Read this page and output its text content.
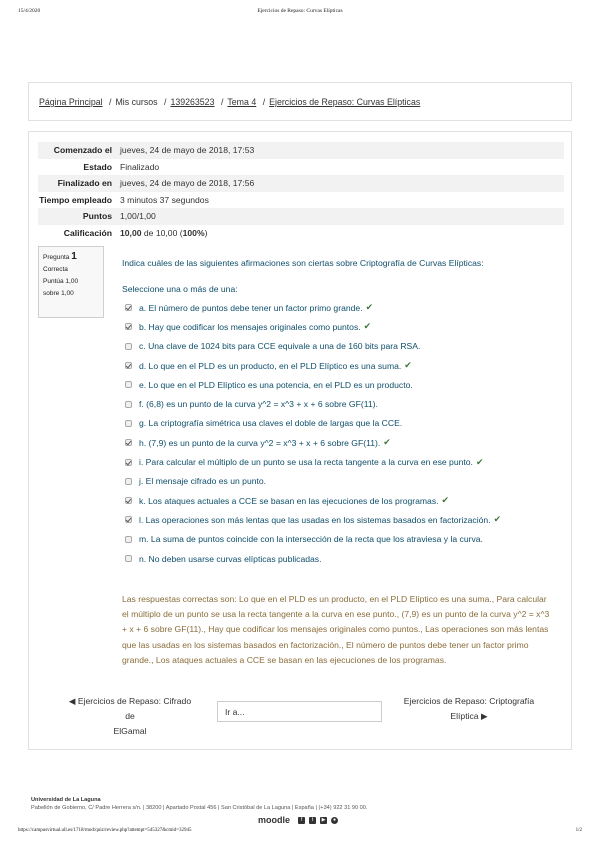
15/4/2020	Ejercicios de Repaso: Curvas Elípticas
Página Principal / Mis cursos / 139263523 / Tema 4 / Ejercicios de Repaso: Curvas Elípticas
Comenzado el	jueves, 24 de mayo de 2018, 17:53
Estado	Finalizado
Finalizado en	jueves, 24 de mayo de 2018, 17:56
Tiempo empleado	3 minutos 37 segundos
Puntos	1,00/1,00
Calificación	10,00 de 10,00 (100%)
Pregunta 1
Correcta
Puntúa 1,00
sobre 1,00
Indica cuáles de las siguientes afirmaciones son ciertas sobre Criptografía de Curvas Elípticas:
Seleccione una o más de una:
a. El número de puntos debe tener un factor primo grande. ✔
b. Hay que codificar los mensajes originales como puntos. ✔
c. Una clave de 1024 bits para CCE equivale a una de 160 bits para RSA.
d. Lo que en el PLD es un producto, en el PLD Elíptico es una suma. ✔
e. Lo que en el PLD Elíptico es una potencia, en el PLD es un producto.
f. (6,8) es un punto de la curva y^2 = x^3 + x + 6 sobre GF(11).
g. La criptografía simétrica usa claves el doble de largas que la CCE.
h. (7,9) es un punto de la curva y^2 = x^3 + x + 6 sobre GF(11). ✔
i. Para calcular el múltiplo de un punto se usa la recta tangente a la curva en ese punto. ✔
j. El mensaje cifrado es un punto.
k. Los ataques actuales a CCE se basan en las ejecuciones de los programas. ✔
l. Las operaciones son más lentas que las usadas en los sistemas basados en factorización. ✔
m. La suma de puntos coincide con la intersección de la recta que los atraviesa y la curva.
n. No deben usarse curvas elípticas publicadas.
Las respuestas correctas son: Lo que en el PLD es un producto, en el PLD Elíptico es una suma., Para calcular el múltiplo de un punto se usa la recta tangente a la curva en ese punto., (7,9) es un punto de la curva y^2 = x^3 + x + 6 sobre GF(11)., Hay que codificar los mensajes originales como puntos., Las operaciones son más lentas que las usadas en los sistemas basados en factorización., El número de puntos debe tener un factor primo grande., Los ataques actuales a CCE se basan en las ejecuciones de los programas.
◀ Ejercicios de Repaso: Cifrado de
ElGamal
Ir a...
Ejercicios de Repaso: Criptografía
Elíptica ▶
Universidad de La Laguna
Pabellón de Gobierno, C/ Padre Herrera s/n. | 38200 | Apartado Postal 456 | San Cristóbal de La Laguna | España | (+34) 922 31 90 00.
moodle	f	t	▶	●
https://campusvirtual.ull.es/1718/mod/quiz/review.php?attempt=545327&cmid=32945	1/2
